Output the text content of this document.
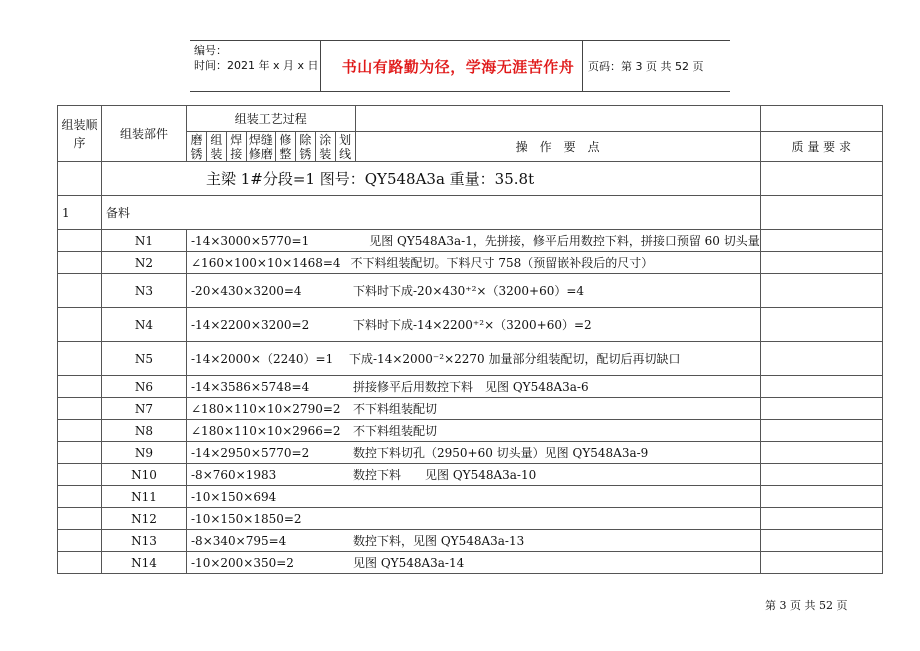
编号：
时间：2021 年 x 月 x 日 书山有路勤为径，学海无涯苦作舟	页码：第 3 页 共 52 页
组装顺序	组装部件	组装工艺过程									
		磨锈	组装	焊接	焊缝修磨	修整	除锈	涂装	划线	操　作　要　点	质 量 要 求
	主梁 1#分段=1 图号：QY548A3a 重量：35.8t										
1	备料										
	N1	-14×3000×5770=1 见图 QY548A3a-1，先拼接，修平后用数控下料，拼接口预留 60 切头量									
	N2	∠160×100×10×1468=4 不下料组装配切。下料尺寸 758（预留嵌补段后的尺寸）									
	N3	-20×430×3200=4 下料时下成-20×430⁺²×（3200+60）=4									
	N4	-14×2200×3200=2 下料时下成-14×2200⁺²×（3200+60）=2									
	N5	-14×2000×（2240）=1 下成-14×2000⁻²×2270 加量部分组装配切，配切后再切缺口									
	N6	-14×3586×5748=4 拼接修平后用数控下料　见图 QY548A3a-6									
	N7	∠180×110×10×2790=2 不下料组装配切									
	N8	∠180×110×10×2966=2 不下料组装配切									
	N9	-14×2950×5770=2 数控下料切孔（2950+60 切头量）见图 QY548A3a-9									
	N10	-8×760×1983 数控下料　　见图 QY548A3a-10									
	N11	-10×150×694									
	N12	-10×150×1850=2									
	N13	-8×340×795=4 数控下料，见图 QY548A3a-13									
	N14	-10×200×350=2 见图 QY548A3a-14									
第 3 页 共 52 页
